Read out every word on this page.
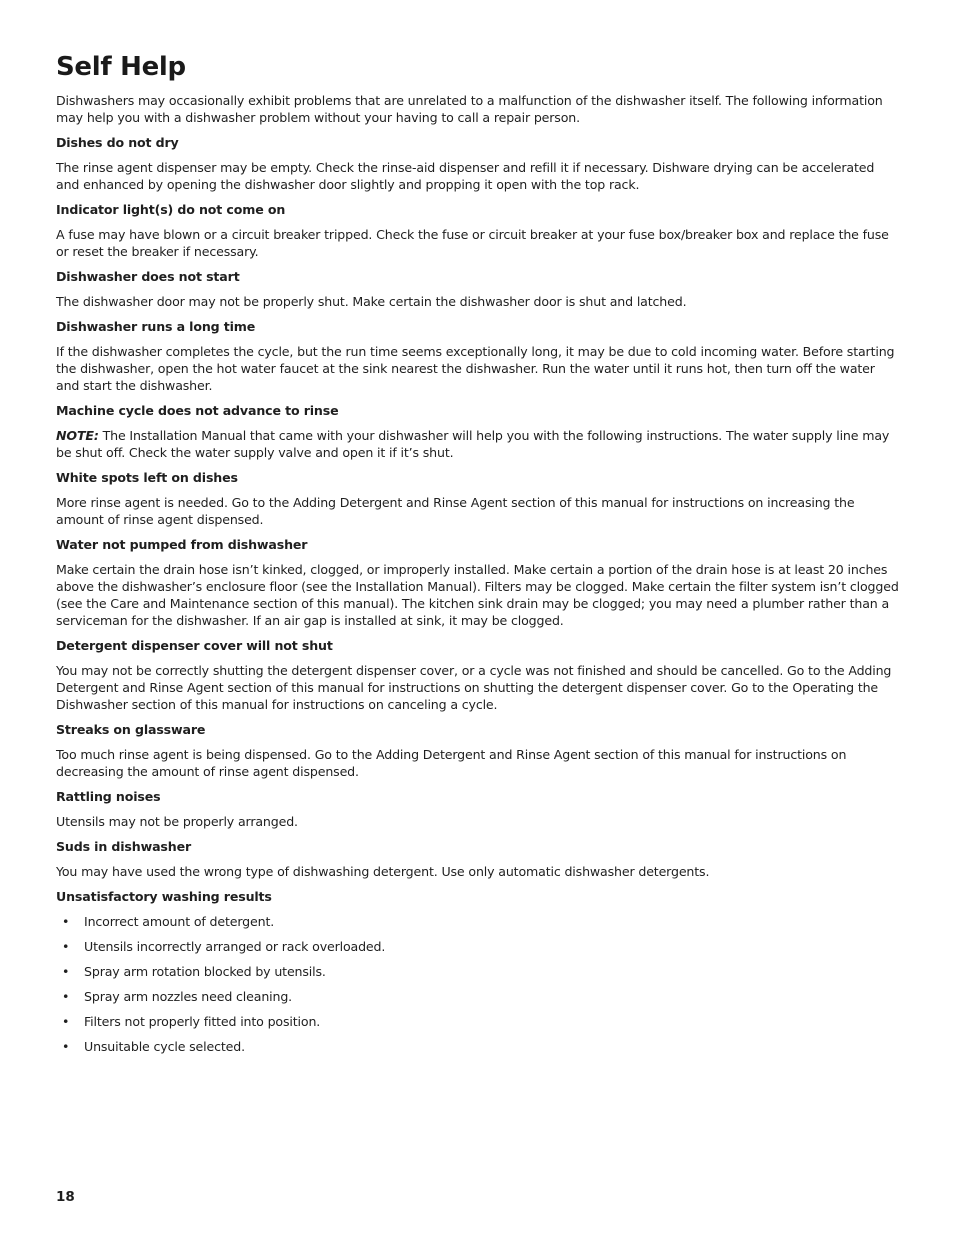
Self Help

Dishwashers may occasionally exhibit problems that are unrelated to a malfunction of the dishwasher itself. The following information may help you with a dishwasher problem without your having to call a repair person.

Dishes do not dry

The rinse agent dispenser may be empty. Check the rinse-aid dispenser and refill it if necessary. Dishware drying can be accelerated and enhanced by opening the dishwasher door slightly and propping it open with the top rack.

Indicator light(s) do not come on

A fuse may have blown or a circuit breaker tripped. Check the fuse or circuit breaker at your fuse box/breaker box and replace the fuse or reset the breaker if necessary.

Dishwasher does not start

The dishwasher door may not be properly shut. Make certain the dishwasher door is shut and latched.

Dishwasher runs a long time

If the dishwasher completes the cycle, but the run time seems exceptionally long, it may be due to cold incoming water. Before starting the dishwasher, open the hot water faucet at the sink nearest the dishwasher. Run the water until it runs hot, then turn off the water and start the dishwasher.

Machine cycle does not advance to rinse

NOTE: The Installation Manual that came with your dishwasher will help you with the following instructions. The water supply line may be shut off. Check the water supply valve and open it if it’s shut.

White spots left on dishes

More rinse agent is needed. Go to the Adding Detergent and Rinse Agent section of this manual for instructions on increasing the amount of rinse agent dispensed.

Water not pumped from dishwasher

Make certain the drain hose isn’t kinked, clogged, or improperly installed. Make certain a portion of the drain hose is at least 20 inches above the dishwasher’s enclosure floor (see the Installation Manual). Filters may be clogged. Make certain the filter system isn’t clogged (see the Care and Maintenance section of this manual). The kitchen sink drain may be clogged; you may need a plumber rather than a serviceman for the dishwasher. If an air gap is installed at sink, it may be clogged.

Detergent dispenser cover will not shut

You may not be correctly shutting the detergent dispenser cover, or a cycle was not finished and should be cancelled. Go to the Adding Detergent and Rinse Agent section of this manual for instructions on shutting the detergent dispenser cover. Go to the Operating the Dishwasher section of this manual for instructions on canceling a cycle.

Streaks on glassware

Too much rinse agent is being dispensed. Go to the Adding Detergent and Rinse Agent section of this manual for instructions on decreasing the amount of rinse agent dispensed.

Rattling noises

Utensils may not be properly arranged.

Suds in dishwasher

You may have used the wrong type of dishwashing detergent. Use only automatic dishwasher detergents.

Unsatisfactory washing results

• Incorrect amount of detergent.
• Utensils incorrectly arranged or rack overloaded.
• Spray arm rotation blocked by utensils.
• Spray arm nozzles need cleaning.
• Filters not properly fitted into position.
• Unsuitable cycle selected.
18
